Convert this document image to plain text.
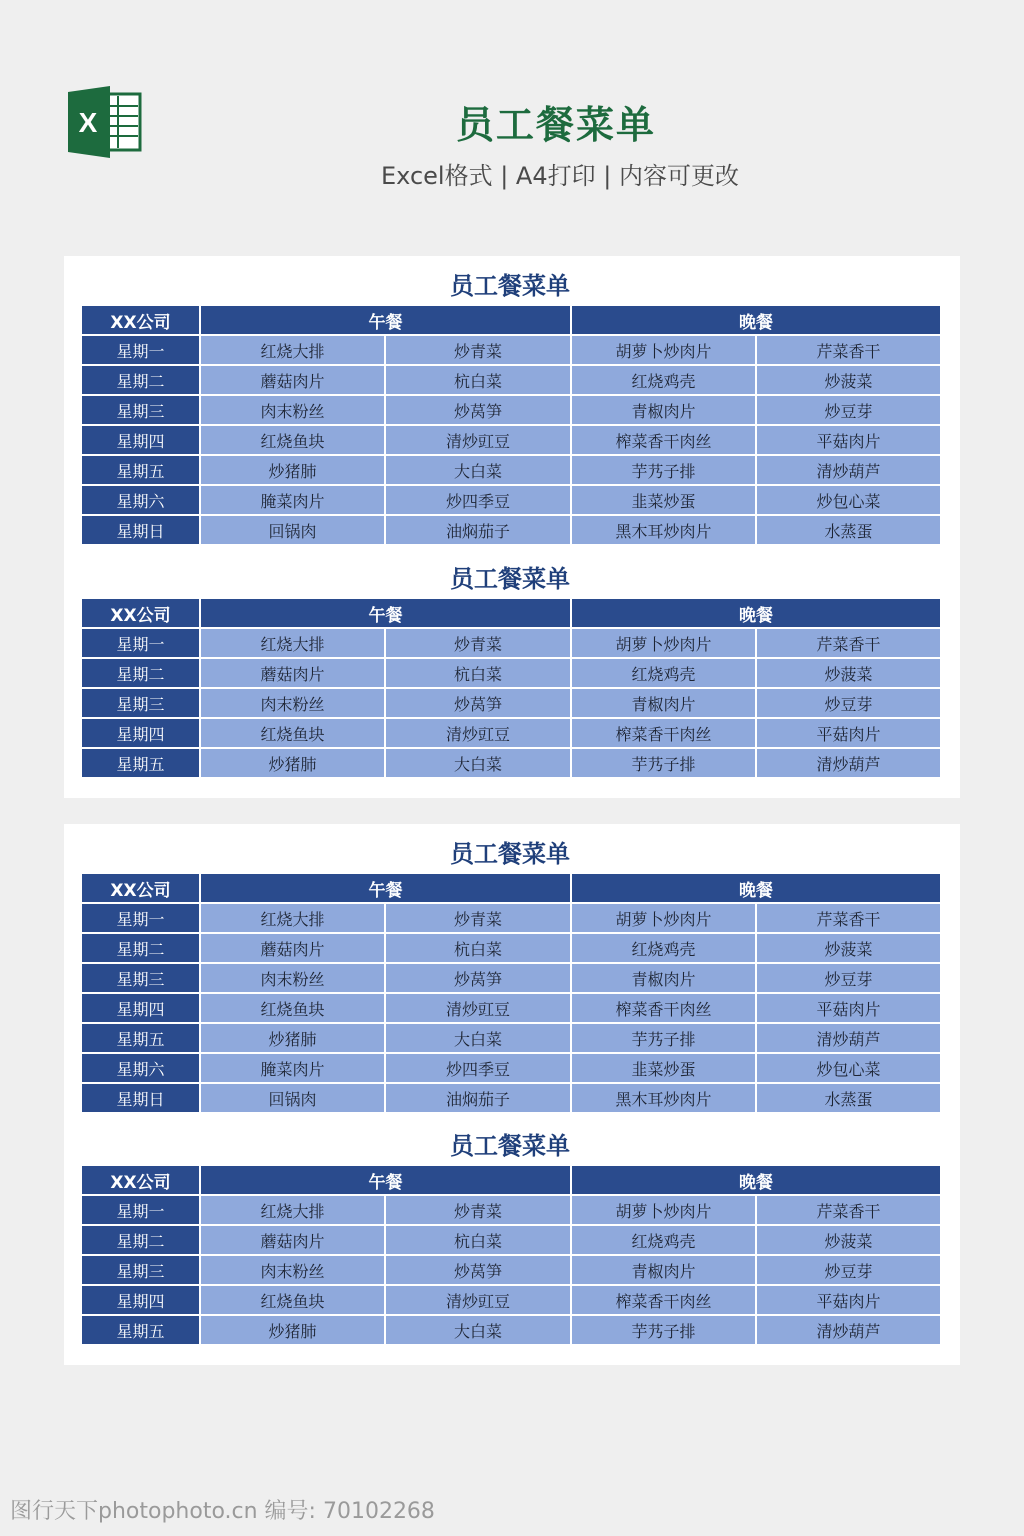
X	员工餐菜单
Excel格式 | A4打印 | 内容可更改
员工餐菜单
XX公司	午餐		晚餐	
星期一	红烧大排	炒青菜	胡萝卜炒肉片	芹菜香干
星期二	蘑菇肉片	杭白菜	红烧鸡壳	炒菠菜
星期三	肉末粉丝	炒莴笋	青椒肉片	炒豆芽
星期四	红烧鱼块	清炒豇豆	榨菜香干肉丝	平菇肉片
星期五	炒猪肺	大白菜	芋艿子排	清炒葫芦
星期六	腌菜肉片	炒四季豆	韭菜炒蛋	炒包心菜
星期日	回锅肉	油焖茄子	黑木耳炒肉片	水蒸蛋
员工餐菜单
XX公司	午餐		晚餐	
星期一	红烧大排	炒青菜	胡萝卜炒肉片	芹菜香干
星期二	蘑菇肉片	杭白菜	红烧鸡壳	炒菠菜
星期三	肉末粉丝	炒莴笋	青椒肉片	炒豆芽
星期四	红烧鱼块	清炒豇豆	榨菜香干肉丝	平菇肉片
星期五	炒猪肺	大白菜	芋艿子排	清炒葫芦
员工餐菜单
XX公司	午餐		晚餐	
星期一	红烧大排	炒青菜	胡萝卜炒肉片	芹菜香干
星期二	蘑菇肉片	杭白菜	红烧鸡壳	炒菠菜
星期三	肉末粉丝	炒莴笋	青椒肉片	炒豆芽
星期四	红烧鱼块	清炒豇豆	榨菜香干肉丝	平菇肉片
星期五	炒猪肺	大白菜	芋艿子排	清炒葫芦
星期六	腌菜肉片	炒四季豆	韭菜炒蛋	炒包心菜
星期日	回锅肉	油焖茄子	黑木耳炒肉片	水蒸蛋
员工餐菜单
XX公司	午餐		晚餐	
星期一	红烧大排	炒青菜	胡萝卜炒肉片	芹菜香干
星期二	蘑菇肉片	杭白菜	红烧鸡壳	炒菠菜
星期三	肉末粉丝	炒莴笋	青椒肉片	炒豆芽
星期四	红烧鱼块	清炒豇豆	榨菜香干肉丝	平菇肉片
星期五	炒猪肺	大白菜	芋艿子排	清炒葫芦
图行天下photophoto.cn 编号: 70102268
